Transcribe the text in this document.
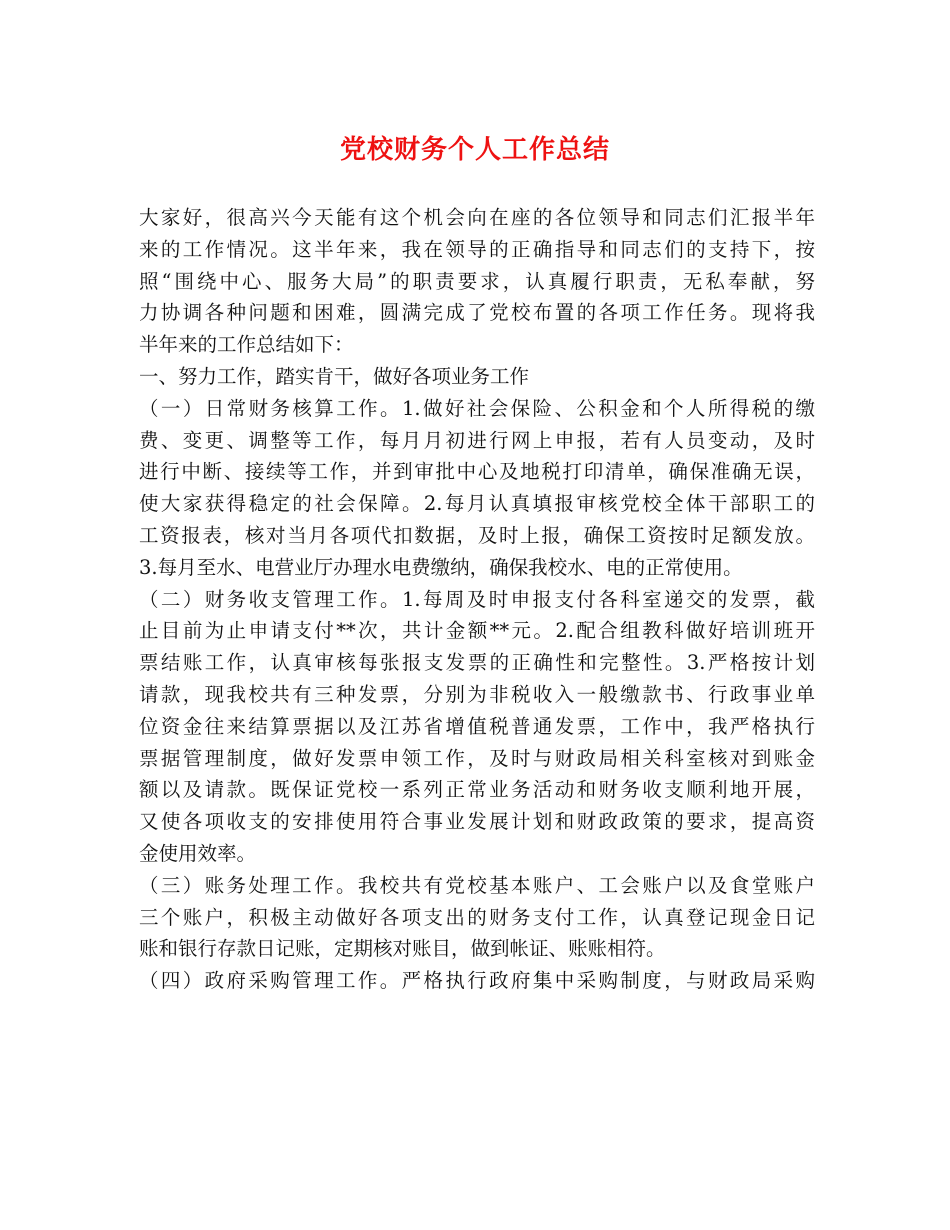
党校财务个人工作总结
大家好，很高兴今天能有这个机会向在座的各位领导和同志们汇报半年
来的工作情况。这半年来，我在领导的正确指导和同志们的支持下，按
照“围绕中心、服务大局”的职责要求，认真履行职责，无私奉献，努
力协调各种问题和困难，圆满完成了党校布置的各项工作任务。现将我
半年来的工作总结如下：
一、努力工作，踏实肯干，做好各项业务工作
（一）日常财务核算工作。1.做好社会保险、公积金和个人所得税的缴
费、变更、调整等工作，每月月初进行网上申报，若有人员变动，及时
进行中断、接续等工作，并到审批中心及地税打印清单，确保准确无误，
使大家获得稳定的社会保障。2.每月认真填报审核党校全体干部职工的
工资报表，核对当月各项代扣数据，及时上报，确保工资按时足额发放。
3.每月至水、电营业厅办理水电费缴纳，确保我校水、电的正常使用。
（二）财务收支管理工作。1.每周及时申报支付各科室递交的发票，截
止目前为止申请支付**次，共计金额**元。2.配合组教科做好培训班开
票结账工作，认真审核每张报支发票的正确性和完整性。3.严格按计划
请款，现我校共有三种发票，分别为非税收入一般缴款书、行政事业单
位资金往来结算票据以及江苏省增值税普通发票，工作中，我严格执行
票据管理制度，做好发票申领工作，及时与财政局相关科室核对到账金
额以及请款。既保证党校一系列正常业务活动和财务收支顺利地开展，
又使各项收支的安排使用符合事业发展计划和财政政策的要求，提高资
金使用效率。
（三）账务处理工作。我校共有党校基本账户、工会账户以及食堂账户
三个账户，积极主动做好各项支出的财务支付工作，认真登记现金日记
账和银行存款日记账，定期核对账目，做到帐证、账账相符。
（四）政府采购管理工作。严格执行政府集中采购制度，与财政局采购
